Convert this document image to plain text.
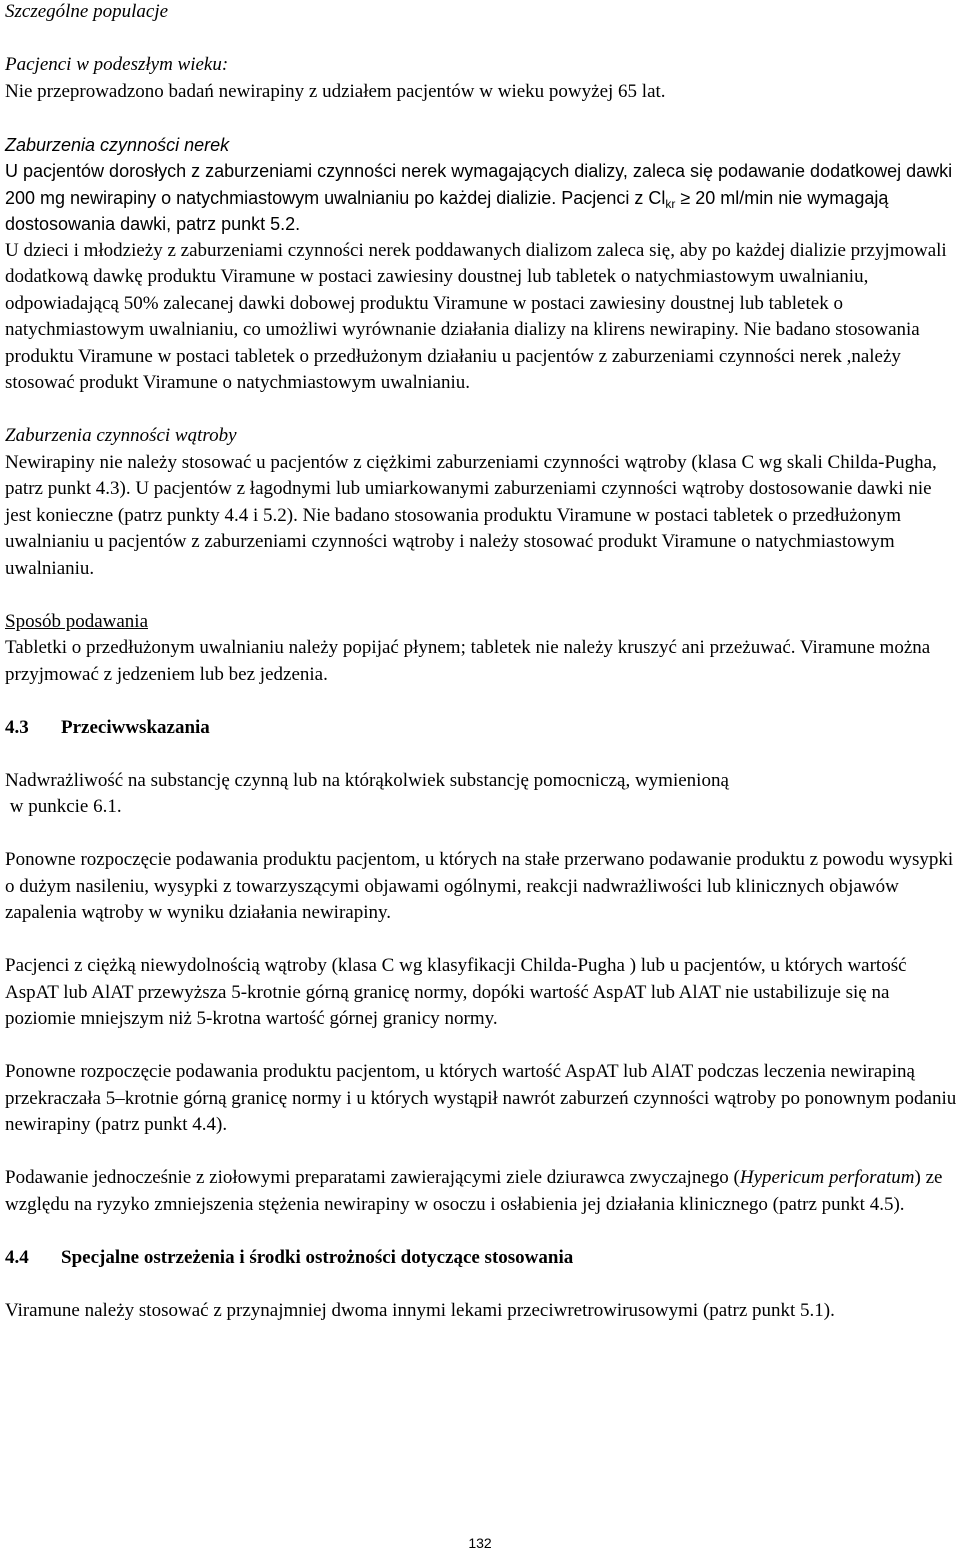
Szczególne populacje

Pacjenci w podeszłym wieku:

Nie przeprowadzono badań newirapiny z udziałem pacjentów w wieku powyżej 65 lat.

Zaburzenia czynności nerek

U pacjentów dorosłych z zaburzeniami czynności nerek wymagających dializy, zaleca się podawanie dodatkowej dawki 200 mg newirapiny o natychmiastowym uwalnianiu po każdej dializie. Pacjenci z $Cl_{kr} \ge 20$ ml/min nie wymagają dostosowania dawki, patrz punkt 5.2.

U dzieci i młodzieży z zaburzeniami czynności nerek poddawanych dializom zaleca się, aby po każdej dializie przyjmowali dodatkową dawkę produktu Viramune w postaci zawiesiny doustnej lub tabletek o natychmiastowym uwalnianiu, odpowiadającą 50% zalecanej dawki dobowej produktu Viramune w postaci zawiesiny doustnej lub tabletek o natychmiastowym uwalnianiu, co umożliwi wyrównanie działania dializy na klirens newirapiny. Nie badano stosowania produktu Viramune w postaci tabletek o przedłużonym działaniu u pacjentów z zaburzeniami czynności nerek ,należy stosować produkt Viramune o natychmiastowym uwalnianiu.

Zaburzenia czynności wątroby

Newirapiny nie należy stosować u pacjentów z ciężkimi zaburzeniami czynności wątroby (klasa C wg skali Childa-Pugha, patrz punkt 4.3). U pacjentów z łagodnymi lub umiarkowanymi zaburzeniami czynności wątroby dostosowanie dawki nie jest konieczne (patrz punkty 4.4 i 5.2). Nie badano stosowania produktu Viramune w postaci tabletek o przedłużonym uwalnianiu u pacjentów z zaburzeniami czynności wątroby i należy stosować produkt Viramune o natychmiastowym uwalnianiu.

Sposób podawania

Tabletki o przedłużonym uwalnianiu należy popijać płynem; tabletek nie należy kruszyć ani przeżuwać. Viramune można przyjmować z jedzeniem lub bez jedzenia.

4.3 Przeciwwskazania

Nadwrażliwość na substancję czynną lub na którąkolwiek substancję pomocniczą, wymienioną
w punkcie 6.1.

Ponowne rozpoczęcie podawania produktu pacjentom, u których na stałe przerwano podawanie produktu z powodu wysypki o dużym nasileniu, wysypki z towarzyszącymi objawami ogólnymi, reakcji nadwrażliwości lub klinicznych objawów zapalenia wątroby w wyniku działania newirapiny.

Pacjenci z ciężką niewydolnością wątroby (klasa C wg klasyfikacji Childa-Pugha ) lub u pacjentów, u których wartość AspAT lub AlAT przewyższa 5-krotnie górną granicę normy, dopóki wartość AspAT lub AlAT nie ustabilizuje się na poziomie mniejszym niż 5-krotna wartość górnej granicy normy.

Ponowne rozpoczęcie podawania produktu pacjentom, u których wartość AspAT lub AlAT podczas leczenia newirapiną przekraczała 5–krotnie górną granicę normy i u których wystąpił nawrót zaburzeń czynności wątroby po ponownym podaniu newirapiny (patrz punkt 4.4).

Podawanie jednocześnie z ziołowymi preparatami zawierającymi ziele dziurawca zwyczajnego (Hypericum perforatum) ze względu na ryzyko zmniejszenia stężenia newirapiny w osoczu i osłabienia jej działania klinicznego (patrz punkt 4.5).

4.4 Specjalne ostrzeżenia i środki ostrożności dotyczące stosowania

Viramune należy stosować z przynajmniej dwoma innymi lekami przeciwretrowirusowymi (patrz punkt 5.1).

132
